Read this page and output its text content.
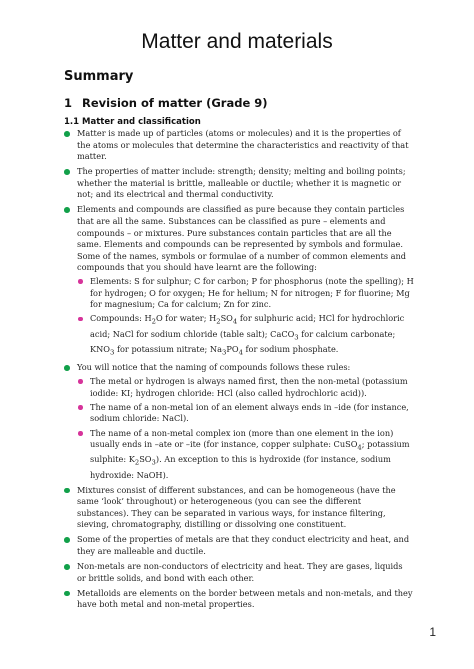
Matter and materials
Summary
1 Revision of matter (Grade 9)
1.1 Matter and classification
Matter is made up of particles (atoms or molecules) and it is the properties of the atoms or molecules that determine the characteristics and reactivity of that matter.
The properties of matter include: strength; density; melting and boiling points; whether the material is brittle, malleable or ductile; whether it is magnetic or not; and its electrical and thermal conductivity.
Elements and compounds are classified as pure because they contain particles that are all the same. Substances can be classified as pure – elements and compounds – or mixtures. Pure substances contain particles that are all the same. Elements and compounds can be represented by symbols and formulae. Some of the names, symbols or formulae of a number of common elements and compounds that you should have learnt are the following:
Elements: S for sulphur; C for carbon; P for phosphorus (note the spelling); H for hydrogen; O for oxygen; He for helium; N for nitrogen; F for fluorine; Mg for magnesium; Ca for calcium; Zn for zinc.
Compounds: $H_2O$ for water; $H_2SO_4$ for sulphuric acid; HCl for hydrochloric acid; NaCl for sodium chloride (table salt); CaCO$_3$ for calcium carbonate; $KNO_3$ for potassium nitrate; $Na_3PO_4$ for sodium phosphate.
You will notice that the naming of compounds follows these rules:
The metal or hydrogen is always named first, then the non-metal (potassium iodide: KI; hydrogen chloride: HCl (also called hydrochloric acid)).
The name of a non-metal ion of an element always ends in –ide (for instance, sodium chloride: NaCl).
The name of a non-metal complex ion (more than one element in the ion) usually ends in –ate or –ite (for instance, copper sulphate: CuSO$_4$; potassium sulphite: $K_2SO_3$). An exception to this is hydroxide (for instance, sodium hydroxide: NaOH).
Mixtures consist of different substances, and can be homogeneous (have the same ‘look’ throughout) or heterogeneous (you can see the different substances). They can be separated in various ways, for instance filtering, sieving, chromatography, distilling or dissolving one constituent.
Some of the properties of metals are that they conduct electricity and heat, and they are malleable and ductile.
Non-metals are non-conductors of electricity and heat. They are gases, liquids or brittle solids, and bond with each other.
Metalloids are elements on the border between metals and non-metals, and they have both metal and non-metal properties.
1
